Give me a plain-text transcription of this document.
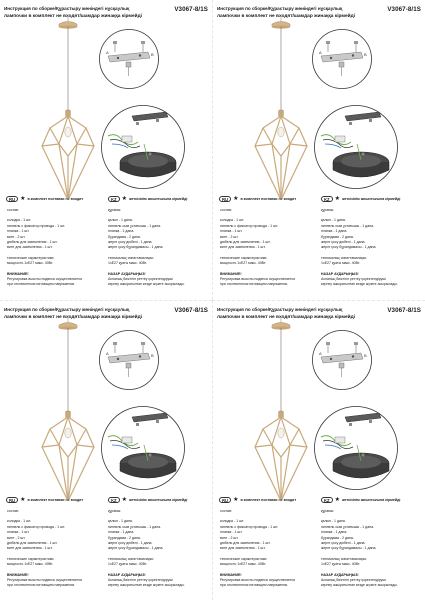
Инструкция по сборке/Құрастыру жөніндегі нұсқаулық	V3067-8/1S
лампочки в комплект не входят/шамдар жинаққа кірмейді
A	B
RU ★ в комплект поставки не входит	KZ ★ жеткізілім жиынтығына кірмейді
состав:
колодка - 1 шт.
ниппель с фиксатор провода - 1 шт.
планка - 1 шт.
винт - 2 шт.
дюбель для заземления - 1 шт.
винт для заземления - 1 шт.
технические характеристики:
мощность 1xE27 макс. 40Вт.
ВНИМАНИЕ!
Регулировка высоты подвеса осуществляется
при отключенном питающем напряжении.
құрамы:
қалып - 1 дана.
ниппель сым ұстағышы - 1 дана.
планка - 1 дана.
бұрандама - 2 дана.
жерге қосу дюбелі - 1 дана.
жерге қосу бұрандамасы - 1 дана.
техникалық сипаттамалары:
1xE27 қуаты макс. 40Вт.
НАЗАР АУДАРЫҢЫЗ!
Аспаның биіктігін реттеу қоректендіруші
кернеу ажыратылған кезде жүзеге асырылады.
Инструкция по сборке/Құрастыру жөніндегі нұсқаулық	V3067-8/1S
лампочки в комплект не входят/шамдар жинаққа кірмейді
A	B
RU ★ в комплект поставки не входит	KZ ★ жеткізілім жиынтығына кірмейді
состав:
колодка - 1 шт.
ниппель с фиксатор провода - 1 шт.
планка - 1 шт.
винт - 2 шт.
дюбель для заземления - 1 шт.
винт для заземления - 1 шт.
технические характеристики:
мощность 1xE27 макс. 40Вт.
ВНИМАНИЕ!
Регулировка высоты подвеса осуществляется
при отключенном питающем напряжении.
құрамы:
қалып - 1 дана.
ниппель сым ұстағышы - 1 дана.
планка - 1 дана.
бұрандама - 2 дана.
жерге қосу дюбелі - 1 дана.
жерге қосу бұрандамасы - 1 дана.
техникалық сипаттамалары:
1xE27 қуаты макс. 40Вт.
НАЗАР АУДАРЫҢЫЗ!
Аспаның биіктігін реттеу қоректендіруші
кернеу ажыратылған кезде жүзеге асырылады.
Инструкция по сборке/Құрастыру жөніндегі нұсқаулық	V3067-8/1S
лампочки в комплект не входят/шамдар жинаққа кірмейді
A	B
RU ★ в комплект поставки не входит	KZ ★ жеткізілім жиынтығына кірмейді
состав:
колодка - 1 шт.
ниппель с фиксатор провода - 1 шт.
планка - 1 шт.
винт - 2 шт.
дюбель для заземления - 1 шт.
винт для заземления - 1 шт.
технические характеристики:
мощность 1xE27 макс. 40Вт.
ВНИМАНИЕ!
Регулировка высоты подвеса осуществляется
при отключенном питающем напряжении.
құрамы:
қалып - 1 дана.
ниппель сым ұстағышы - 1 дана.
планка - 1 дана.
бұрандама - 2 дана.
жерге қосу дюбелі - 1 дана.
жерге қосу бұрандамасы - 1 дана.
техникалық сипаттамалары:
1xE27 қуаты макс. 40Вт.
НАЗАР АУДАРЫҢЫЗ!
Аспаның биіктігін реттеу қоректендіруші
кернеу ажыратылған кезде жүзеге асырылады.
Инструкция по сборке/Құрастыру жөніндегі нұсқаулық	V3067-8/1S
лампочки в комплект не входят/шамдар жинаққа кірмейді
A	B
RU ★ в комплект поставки не входит	KZ ★ жеткізілім жиынтығына кірмейді
состав:
колодка - 1 шт.
ниппель с фиксатор провода - 1 шт.
планка - 1 шт.
винт - 2 шт.
дюбель для заземления - 1 шт.
винт для заземления - 1 шт.
технические характеристики:
мощность 1xE27 макс. 40Вт.
ВНИМАНИЕ!
Регулировка высоты подвеса осуществляется
при отключенном питающем напряжении.
құрамы:
қалып - 1 дана.
ниппель сым ұстағышы - 1 дана.
планка - 1 дана.
бұрандама - 2 дана.
жерге қосу дюбелі - 1 дана.
жерге қосу бұрандамасы - 1 дана.
техникалық сипаттамалары:
1xE27 қуаты макс. 40Вт.
НАЗАР АУДАРЫҢЫЗ!
Аспаның биіктігін реттеу қоректендіруші
кернеу ажыратылған кезде жүзеге асырылады.
